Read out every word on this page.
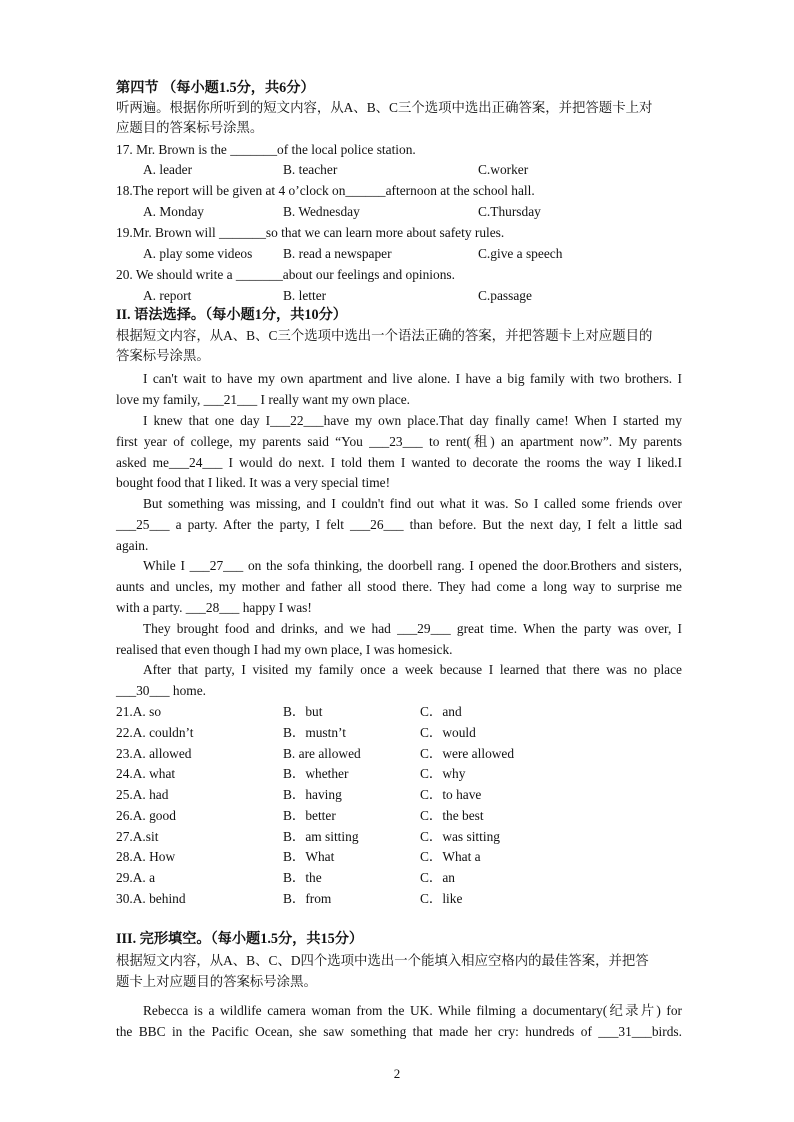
第四节 （每小题1.5分，共6分）
听两遍。根据你所听到的短文内容，从A、B、C三个选项中选出正确答案，并把答题卡上对
应题目的答案标号涂黑。
17. Mr. Brown is the _______of the local police station.
A. leader	B. teacher	C.worker
18.The report will be given at 4 o’clock on______afternoon at the school hall.
A. Monday	B. Wednesday	C.Thursday
19.Mr. Brown will _______so that we can learn more about safety rules.
A. play some videos B. read a newspaper	C.give a speech
20. We should write a _______about our feelings and opinions.
A. report	B. letter	C.passage
II. 语法选择。（每小题1分，共10分）
根据短文内容，从A、B、C三个选项中选出一个语法正确的答案，并把答题卡上对应题目的
答案标号涂黑。
I can't wait to have my own apartment and live alone. I have a big family with two brothers. I
love my family, ___21___ I really want my own place.
I knew that one day I___22___have my own place.That day finally came! When I started my
first year of college, my parents said “You ___23___ to rent(租) an apartment now”. My parents
asked me___24___ I would do next. I told them I wanted to decorate the rooms the way I liked.I
bought food that I liked. It was a very special time!
But something was missing, and I couldn't find out what it was. So I called some friends over
___25___ a party. After the party, I felt ___26___ than before. But the next day, I felt a little sad
again.
While I ___27___ on the sofa thinking, the doorbell rang. I opened the door.Brothers and sisters,
aunts and uncles, my mother and father all stood there. They had come a long way to surprise me
with a party. ___28___ happy I was!
They brought food and drinks, and we had ___29___ great time. When the party was over, I
realised that even though I had my own place, I was homesick.
After that party, I visited my family once a week because I learned that there was no place
___30___ home.
21.A. so	B．but	C．and
22.A. couldn’t	B．mustn’t	C．would
23.A. allowed	B. are allowed	C．were allowed
24.A. what	B．whether	C．why
25.A. had	B．having	C．to have
26.A. good	B．better	C．the best
27.A.sit	B．am sitting	C．was sitting
28.A. How	B．What	C．What a
29.A. a	B．the	C．an
30.A. behind	B．from	C．like
III. 完形填空。（每小题1.5分，共15分）
根据短文内容，从A、B、C、D四个选项中选出一个能填入相应空格内的最佳答案，并把答
题卡上对应题目的答案标号涂黑。
Rebecca is a wildlife camera woman from the UK. While filming a documentary(纪录片) for
the BBC in the Pacific Ocean, she saw something that made her cry: hundreds of ___31___birds.
2
